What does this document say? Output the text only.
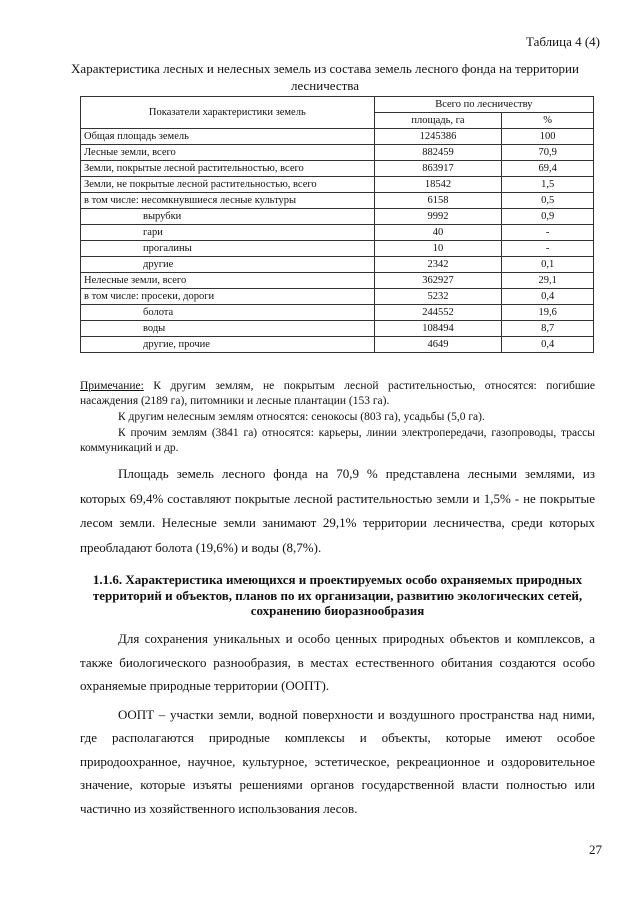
Таблица 4 (4)
Характеристика лесных и нелесных земель из состава земель лесного фонда на территории лесничества
Показатели характеристики земель	Всего по лесничеству	
	площадь, га	%
Общая площадь земель	1245386	100
Лесные земли, всего	882459	70,9
Земли, покрытые лесной растительностью, всего	863917	69,4
Земли, не покрытые лесной растительностью, всего	18542	1,5
в том числе: несомкнувшиеся лесные культуры	6158	0,5
вырубки	9992	0,9
гари	40	-
прогалины	10	-
другие	2342	0,1
Нелесные земли, всего	362927	29,1
в том числе: просеки, дороги	5232	0,4
болота	244552	19,6
воды	108494	8,7
другие, прочие	4649	0,4

Примечание: К другим землям, не покрытым лесной растительностью, относятся: погибшие насаждения (2189 га), питомники и лесные плантации (153 га).

К другим нелесным землям относятся: сенокосы (803 га), усадьбы (5,0 га).

К прочим землям (3841 га) относятся: карьеры, линии электропередачи, газопроводы, трассы коммуникаций и др.

Площадь земель лесного фонда на 70,9 % представлена лесными землями, из которых 69,4% составляют покрытые лесной растительностью земли и 1,5% - не покрытые лесом земли. Нелесные земли занимают 29,1% территории лесничества, среди которых преобладают болота (19,6%) и воды (8,7%).

1.1.6. Характеристика имеющихся и проектируемых особо охраняемых природных территорий и объектов, планов по их организации, развитию экологических сетей, сохранению биоразнообразия

Для сохранения уникальных и особо ценных природных объектов и комплексов, а также биологического разнообразия, в местах естественного обитания создаются особо охраняемые природные территории (ООПТ).

ООПТ – участки земли, водной поверхности и воздушного пространства над ними, где располагаются природные комплексы и объекты, которые имеют особое природоохранное, научное, культурное, эстетическое, рекреационное и оздоровительное значение, которые изъяты решениями органов государственной власти полностью или частично из хозяйственного использования лесов.

27
